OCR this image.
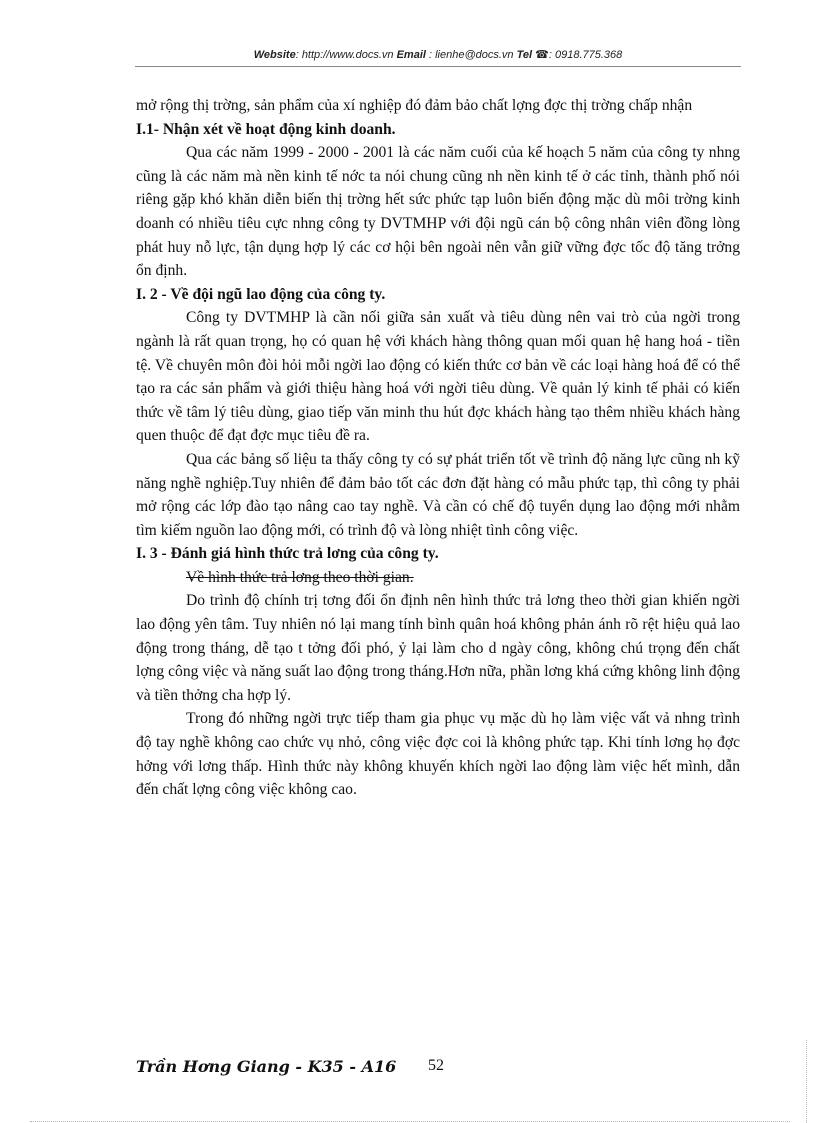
Website: http://www.docs.vn Email : lienhe@docs.vn Tel ☎: 0918.775.368

mở rộng thị trờng, sản phẩm của xí nghiệp đó đảm bảo chất lợng đợc thị trờng chấp nhận

I.1- Nhận xét về hoạt động kinh doanh.

Qua các năm 1999 - 2000 - 2001 là các năm cuối của kế hoạch 5 năm của công ty nhng cũng là các năm mà nền kinh tế nớc ta nói chung cũng nh nền kinh tế ở các tỉnh, thành phố nói riêng gặp khó khăn diễn biến thị trờng hết sức phức tạp luôn biến động mặc dù môi trờng kinh doanh có nhiều tiêu cực nhng công ty DVTMHP với đội ngũ cán bộ công nhân viên đồng lòng phát huy nỗ lực, tận dụng hợp lý các cơ hội bên ngoài nên vẫn giữ vững đợc tốc độ tăng trởng ổn định.

I. 2 - Về đội ngũ lao động của công ty.

Công ty DVTMHP là cần nối giữa sản xuất và tiêu dùng nên vai trò của ngời trong ngành là rất quan trọng, họ có quan hệ với khách hàng thông quan mối quan hệ hang hoá - tiền tệ. Về chuyên môn đòi hỏi mỗi ngời lao động có kiến thức cơ bản về các loại hàng hoá để có thể tạo ra các sản phẩm và giới thiệu hàng hoá với ngời tiêu dùng. Về quản lý kinh tế phải có kiến thức về tâm lý tiêu dùng, giao tiếp văn minh thu hút đợc khách hàng tạo thêm nhiều khách hàng quen thuộc để đạt đợc mục tiêu đề ra.

Qua các bảng số liệu ta thấy công ty có sự phát triển tốt về trình độ năng lực cũng nh kỹ năng nghề nghiệp.Tuy nhiên để đảm bảo tốt các đơn đặt hàng có mẫu phức tạp, thì công ty phải mở rộng các lớp đào tạo nâng cao tay nghề. Và cần có chế độ tuyển dụng lao động mới nhằm tìm kiếm nguồn lao động mới, có trình độ và lòng nhiệt tình công việc.

I. 3 - Đánh giá hình thức trả lơng của công ty.

Về hình thức trả lơng theo thời gian.

Do trình độ chính trị tơng đối ổn định nên hình thức trả lơng theo thời gian khiến ngời lao động yên tâm. Tuy nhiên nó lại mang tính bình quân hoá không phản ánh rõ rệt hiệu quả lao động trong tháng, dễ tạo t tởng đối phó, ỷ lại làm cho d ngày công, không chú trọng đến chất lợng công việc và năng suất lao động trong tháng.Hơn nữa, phần lơng khá cứng không linh động và tiền thởng cha hợp lý.

Trong đó những ngời trực tiếp tham gia phục vụ mặc dù họ làm việc vất vả nhng trình độ tay nghề không cao chức vụ nhỏ, công việc đợc coi là không phức tạp. Khi tính lơng họ đợc hởng với lơng thấp. Hình thức này không khuyến khích ngời lao động làm việc hết mình, dẫn đến chất lợng công việc không cao.

Trần Hơng Giang - K35 - A16 52
